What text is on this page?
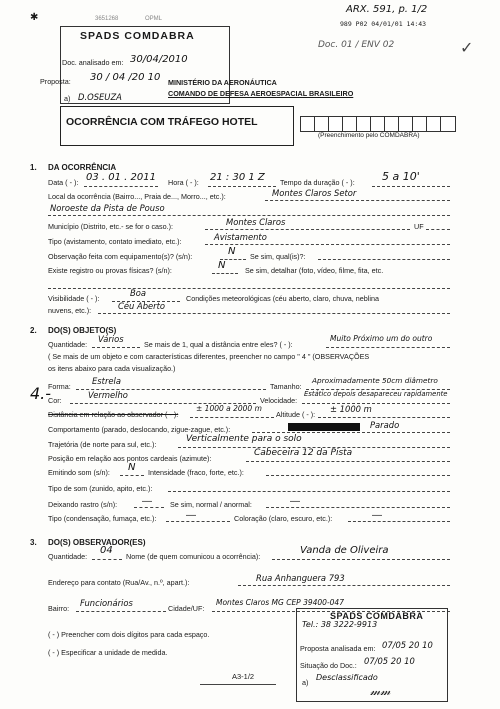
3651268	OPML
ARX. 591, p. 1/2
989 P02 04/01/01 14:43
Doc. 01 / ENV 02	✓
✱
SPADS COMDABRA
Doc. analisado em: 30/04/2010
Proposta: 30 / 04 /20 10
a) D.OSEUZA
MINISTÉRIO DA AERONÁUTICA
COMANDO DE DEFESA AEROESPACIAL BRASILEIRO
OCORRÊNCIA COM TRÁFEGO HOTEL
(Preenchimento pelo COMDABRA)
1. DA OCORRÊNCIA
Data ( - ): 03 . 01 . 2011 Hora ( - ): 21 : 30 1 Z Tempo da duração ( - ): 5 a 10'
Local da ocorrência (Bairro..., Praia de..., Morro..., etc.):	Montes Claros Setor
Noroeste da Pista de Pouso
Município (Distrito, etc.- se for o caso.):	Montes Claros	UF
Tipo (avistamento, contato imediato, etc.):	Avistamento
Observação feita com equipamento(s)? (s/n):	N Se sim, qual(is)?:
Existe registro ou provas físicas? (s/n):	N	Se sim, detalhar (foto, vídeo, filme, fita, etc.
Visibilidade ( - ):
Boa
Condições meteorológicas (céu aberto, claro, chuva, neblina
nuvens, etc.):	Céu Aberto
2. DO(S) OBJETO(S)
Quantidade:
Vários
Se mais de 1, qual a distância entre eles? ( - ):
Muito Próximo um do outro
( Se mais de um objeto e com características diferentes, preencher no campo " 4 " (OBSERVAÇÕES
os itens abaixo para cada visualização.)
4.-
Forma:
Estrela
Tamanho:
Aproximadamente 50cm diâmetro
Cor:
Vermelho
Velocidade:
Estático depois desapareceu rapidamente
Distância em relação ao observador ( - ):
± 1000 a 2000 m
Altitude ( - ):
± 1000 m
Comportamento (parado, deslocando, zigue-zague, etc.):	Parado
Trajetória (de norte para sul, etc.):
Verticalmente para o solo
Posição em relação aos pontos cardeais (azimute):
Cabeceira 12 da Pista
Emitindo som (s/n): N Intensidade (fraco, forte, etc.):
Tipo de som (zunido, apito, etc.):
Deixando rastro (s/n): —	Se sim, normal / anormal:	—
Tipo (condensação, fumaça, etc.):	—	Coloração (claro, escuro, etc.):	—
3. DO(S) OBSERVADOR(ES)
Quantidade:
04
Nome (de quem comunicou a ocorrência):
Vanda de Oliveira
Endereço para contato (Rua/Av., n.º, apart.):	Rua Anhanguera 793
Bairro:
Funcionários
Cidade/UF:
Montes Claros MG CEP 39400-047
( - ) Preencher com dois dígitos para cada espaço.
( - ) Especificar a unidade de medida.
A3-1/2
SPADS COMDABRA
Tel.: 38 3222-9913
Proposta analisada em: 07/05 20 10
Situação do Doc.: 07/05 20 10
a)
Desclassificado
𝓂𝓂
